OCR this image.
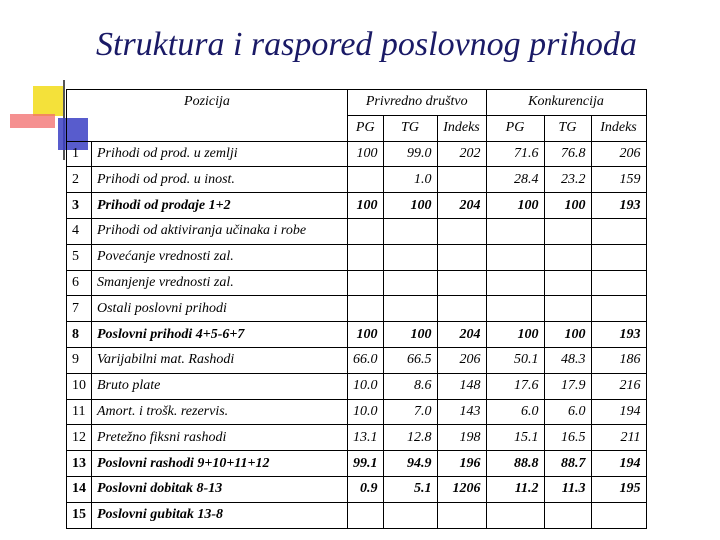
Struktura i raspored poslovnog prihoda
Pozicija		Privredno društvo			Konkurencija		
		PG	TG	Indeks	PG	TG	Indeks
1	Prihodi od prod. u zemlji	100	99.0	202	71.6	76.8	206
2	Prihodi od prod. u inost.		1.0		28.4	23.2	159
3	Prihodi od prodaje 1+2	100	100	204	100	100	193
4	Prihodi od aktiviranja učinaka i robe						
5	Povećanje vrednosti zal.						
6	Smanjenje vrednosti zal.						
7	Ostali poslovni prihodi						
8	Poslovni prihodi 4+5-6+7	100	100	204	100	100	193
9	Varijabilni mat. Rashodi	66.0	66.5	206	50.1	48.3	186
10	Bruto plate	10.0	8.6	148	17.6	17.9	216
11	Amort. i trošk. rezervis.	10.0	7.0	143	6.0	6.0	194
12	Pretežno fiksni rashodi	13.1	12.8	198	15.1	16.5	211
13	Poslovni rashodi 9+10+11+12	99.1	94.9	196	88.8	88.7	194
14	Poslovni dobitak 8-13	0.9	5.1	1206	11.2	11.3	195
15	Poslovni gubitak 13-8						
